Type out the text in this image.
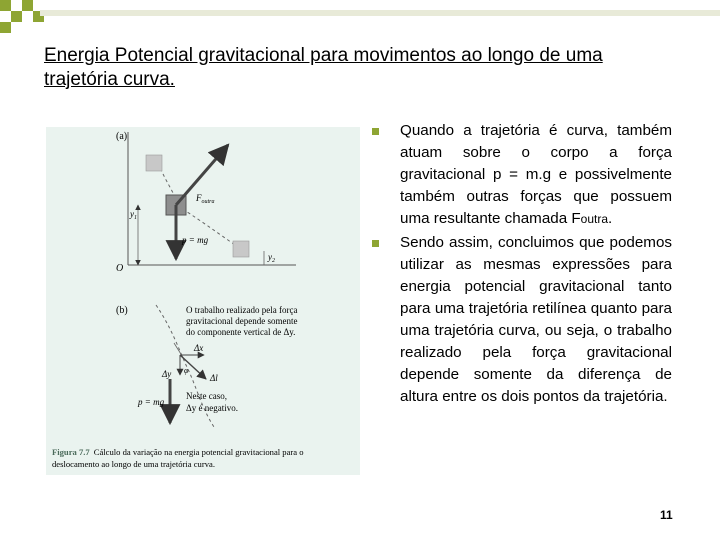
Energia Potencial gravitacional para movimentos ao longo de uma trajetória curva.
(a)
O
$F_{outra}$
p = mg
$y_1$
$y_2$
(b)	O trabalho realizado pela força
gravitacional depende somente
do componente vertical de Δy.
Δx
Δy	Δl
φ
p = mg
Neste caso,
Δy é negativo.
Figura 7.7 Cálculo da variação na energia potencial gravitacional para o
deslocamento ao longo de uma trajetória curva.
Quando a trajetória é curva, também atuam sobre o corpo a força gravitacional p = m.g e possivelmente também outras forças que possuem uma resultante chamada Foutra.
Sendo assim, concluimos que podemos utilizar as mesmas expressões para energia potencial gravitacional tanto para uma trajetória retilínea quanto para uma trajetória curva, ou seja, o trabalho realizado pela força gravitacional depende somente da diferença de altura entre os dois pontos da trajetória.
11
